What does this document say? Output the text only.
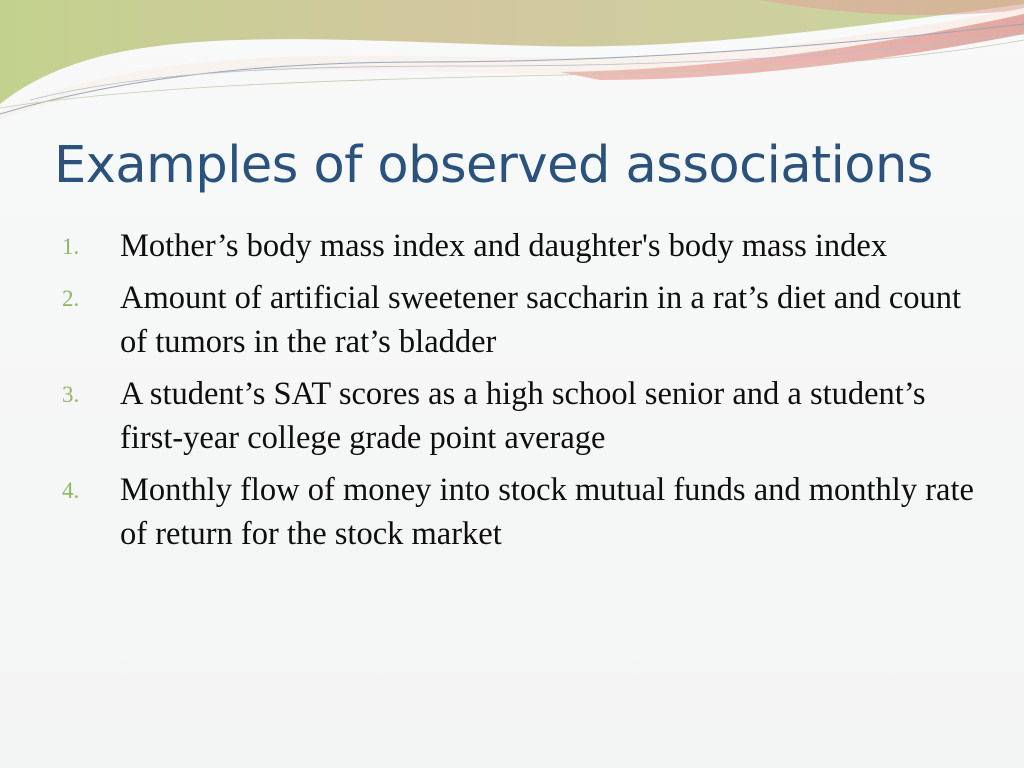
Examples of observed associations
1. Mother’s body mass index and daughter's body mass index
2. Amount of artificial sweetener saccharin in a rat’s diet and count of tumors in the rat’s bladder
3. A student’s SAT scores as a high school senior and a student’s first-year college grade point average
4. Monthly flow of money into stock mutual funds and monthly rate of return for the stock market
